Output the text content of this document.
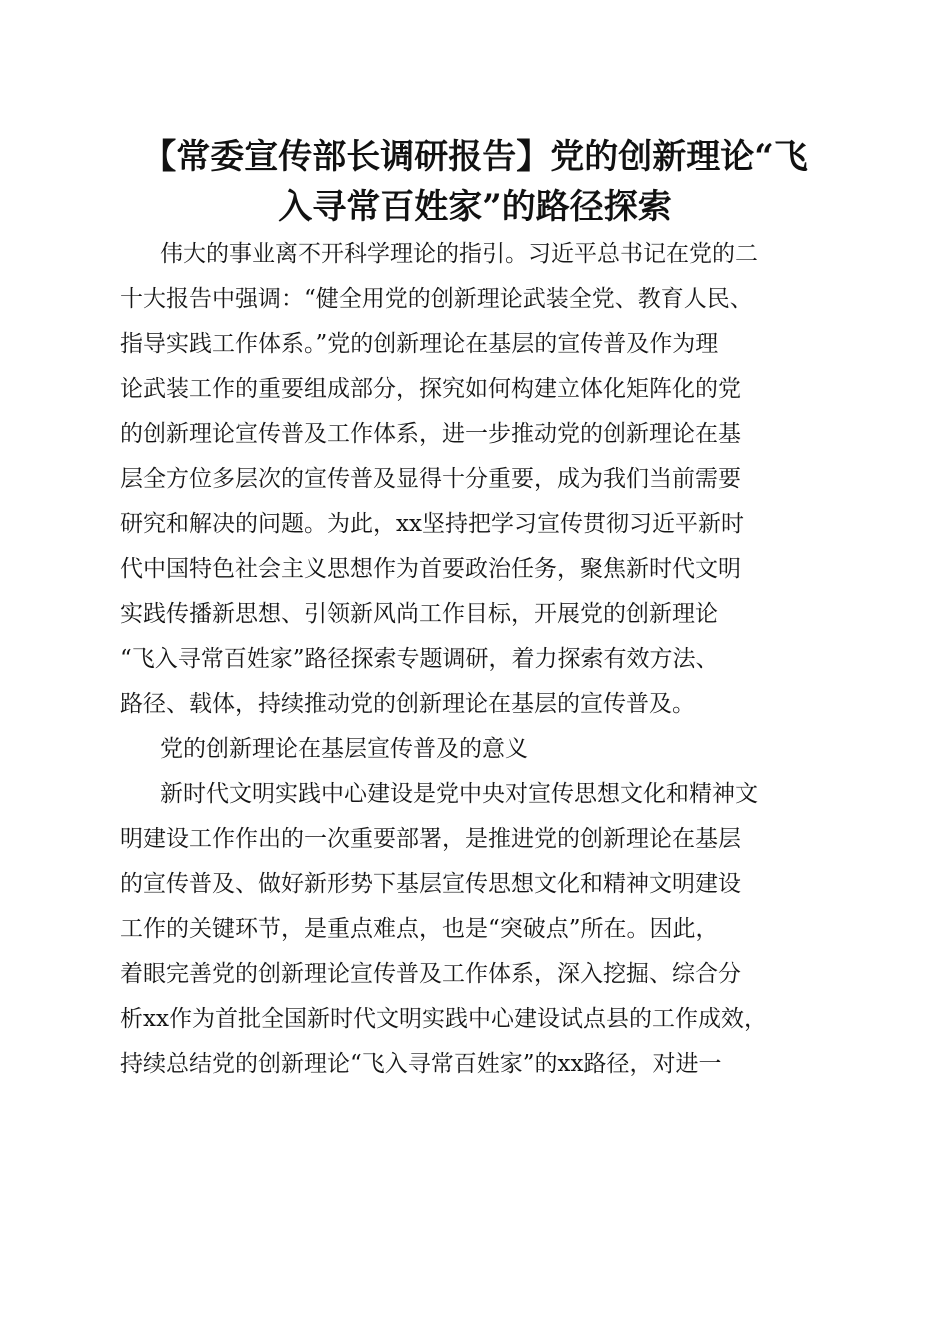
【常委宣传部长调研报告】党的创新理论“飞
入寻常百姓家”的路径探索
伟大的事业离不开科学理论的指引。习近平总书记在党的二
十大报告中强调：“健全用党的创新理论武装全党、教育人民、
指导实践工作体系。”党的创新理论在基层的宣传普及作为理
论武装工作的重要组成部分，探究如何构建立体化矩阵化的党
的创新理论宣传普及工作体系，进一步推动党的创新理论在基
层全方位多层次的宣传普及显得十分重要，成为我们当前需要
研究和解决的问题。为此，xx坚持把学习宣传贯彻习近平新时
代中国特色社会主义思想作为首要政治任务，聚焦新时代文明
实践传播新思想、引领新风尚工作目标，开展党的创新理论
“飞入寻常百姓家”路径探索专题调研，着力探索有效方法、
路径、载体，持续推动党的创新理论在基层的宣传普及。
党的创新理论在基层宣传普及的意义
新时代文明实践中心建设是党中央对宣传思想文化和精神文
明建设工作作出的一次重要部署，是推进党的创新理论在基层
的宣传普及、做好新形势下基层宣传思想文化和精神文明建设
工作的关键环节，是重点难点，也是“突破点”所在。因此，
着眼完善党的创新理论宣传普及工作体系，深入挖掘、综合分
析xx作为首批全国新时代文明实践中心建设试点县的工作成效，
持续总结党的创新理论“飞入寻常百姓家”的xx路径，对进一
